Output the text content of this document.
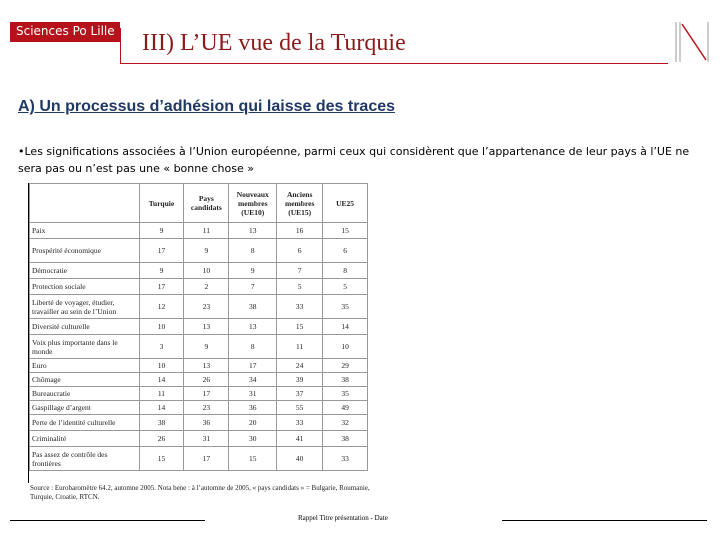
Sciences Po Lille III) L’UE vue de la Turquie
A) Un processus d’adhésion qui laisse des traces
•Les significations associées à l’Union européenne, parmi ceux qui considèrent que l’appartenance de leur pays à l’UE ne sera pas ou n’est pas une « bonne chose »
	Turquie	Pays candidats	Nouveaux membres (UE10)	Anciens membres (UE15)	UE25
Paix	9	11	13	16	15
Prospérité économique	17	9	8	6	6
Démocratie	9	10	9	7	8
Protection sociale	17	2	7	5	5
Liberté de voyager, étudier, travailler au sein de l’Union	12	23	38	33	35
Diversité culturelle	10	13	13	15	14
Voix plus importante dans le monde	3	9	8	11	10
Euro	10	13	17	24	29
Chômage	14	26	34	39	38
Bureaucratie	11	17	31	37	35
Gaspillage d’argent	14	23	36	55	49
Perte de l’identité culturelle	38	36	20	33	32
Criminalité	26	31	30	41	38
Pas assez de contrôle des frontières	15	17	15	40	33
Source : Eurobaromètre 64.2, automne 2005. Nota bene : à l’automne de 2005, « pays candidats » = Bulgarie, Roumanie, Turquie, Croatie, RTCN.
Rappel Titre présentation - Date
